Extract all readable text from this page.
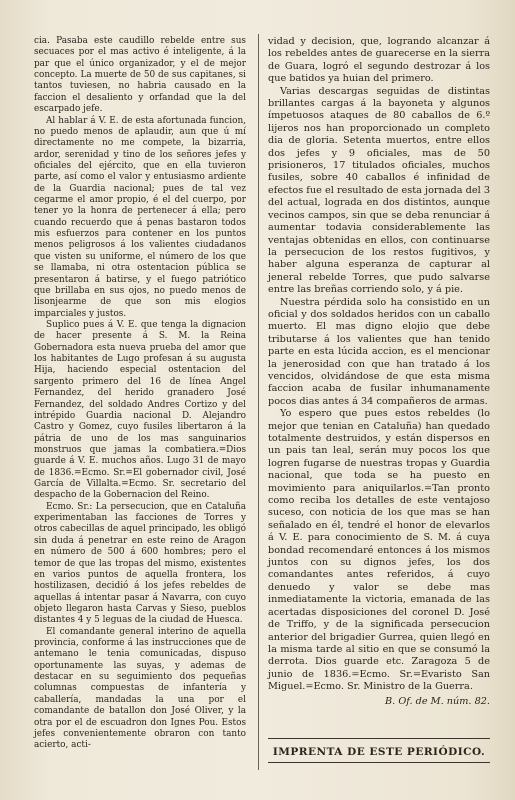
cia. Pasaba este caudillo rebelde entre sus secuaces por el mas activo é inteligente, á la par que el único organizador, y el de mejor concepto. La muerte de 50 de sus capitanes, si tantos tuviesen, no habria causado en la faccion el desaliento y orfandad que la del escarpado jefe.

Al hablar á V. E. de esta afortunada funcion, no puedo menos de aplaudir, aun que ú mí directamente no me compete, la bizarria, ardor, serenidad y tino de los señores jefes y oficiales del ejército, que en ella tuvieron parte, así como el valor y entusiasmo ardiente de la Guardia nacional; pues de tal vez cegarme el amor propio, é el del cuerpo, por tener yo la honra de pertenecer á ella; pero cuando recuerdo que á penas bastaron todos mis esfuerzos para contener en los puntos menos peligrosos á los valientes ciudadanos que visten su uniforme, el número de los que se llamaba, ni otra ostentacion pública se presentaron á batirse, y el fuego patriótico que brillaba en sus ojos, no puedo menos de lisonjearme de que son mis elogios imparciales y justos.

Suplico pues á V. E. que tenga la dignacion de hacer presente á S. M. la Reina Gobernadora esta nueva prueba del amor que los habitantes de Lugo profesan á su augusta Hija, haciendo especial ostentacion del sargento primero del 16 de línea Angel Fernandez, del herido granadero José Fernandez, del soldado Andres Cortizo y del intrépido Guardia nacional D. Alejandro Castro y Gomez, cuyo fusiles libertaron á la pátria de uno de los mas sanguinarios monstruos que jamas la combatiera.=Dios guarde á V. E. muchos años. Lugo 31 de mayo de 1836.=Ecmo. Sr.=El gobernador civil, José García de Villalta.=Ecmo. Sr. secretario del despacho de la Gobernacion del Reino.

Ecmo. Sr.: La persecucion, que en Cataluña experimentaban las facciones de Torres y otros cabecillas de aquel principado, les obligó sin duda á penetrar en este reino de Aragon en número de 500 á 600 hombres; pero el temor de que las tropas del mismo, existentes en varios puntos de aquella frontera, los hostilizasen, decidió á los jefes rebeldes de aquellas á intentar pasar á Navarra, con cuyo objeto llegaron hasta Carvas y Sieso, pueblos distantes 4 y 5 leguas de la ciudad de Huesca.

El comandante general interino de aquella provincia, conforme á las instrucciones que de antemano le tenia comunicadas, dispuso oportunamente las suyas, y ademas de destacar en su seguimiento dos pequeñas columnas compuestas de infantería y caballería, mandadas la una por el comandante de batallon don José Oliver, y la otra por el de escuadron don Ignes Pou. Estos jefes convenientemente obraron con tanto acierto, acti-

vidad y decision, que, logrando alcanzar á los rebeldes antes de guarecerse en la sierra de Guara, logró el segundo destrozar á los que batidos ya huian del primero.

Varias descargas seguidas de distintas brillantes cargas á la bayoneta y algunos ímpetuosos ataques de 80 caballos de 6.º lijeros nos han proporcionado un completo dia de gloria. Setenta muertos, entre ellos dos jefes y 9 oficiales, mas de 50 prisioneros, 17 titulados oficiales, muchos fusiles, sobre 40 caballos é infinidad de efectos fue el resultado de esta jornada del 3 del actual, lograda en dos distintos, aunque vecinos campos, sin que se deba renunciar á aumentar todavia considerablemente las ventajas obtenidas en ellos, con continuarse la persecucion de los restos fugitivos, y haber alguna esperanza de capturar al jeneral rebelde Torres, que pudo salvarse entre las breñas corriendo solo, y á pie.

Nuestra pérdida solo ha consistido en un oficial y dos soldados heridos con un caballo muerto. El mas digno elojio que debe tributarse á los valientes que han tenido parte en esta lúcida accion, es el mencionar la jenerosidad con que han tratado á los vencidos, olvidándose de que esta misma faccion acaba de fusilar inhumanamente pocos dias antes á 34 compañeros de armas.

Yo espero que pues estos rebeldes (lo mejor que tenian en Cataluña) han quedado totalmente destruidos, y están dispersos en un pais tan leal, serán muy pocos los que logren fugarse de nuestras tropas y Guardia nacional, que toda se ha puesto en movimiento para aniquilarlos.=Tan pronto como reciba los detalles de este ventajoso suceso, con noticia de los que mas se han señalado en él, tendré el honor de elevarlos á V. E. para conocimiento de S. M. á cuya bondad recomendaré entonces á los mismos juntos con su dignos jefes, los dos comandantes antes referidos, á cuyo denuedo y valor se debe mas inmediatamente la victoria, emanada de las acertadas disposiciones del coronel D. José de Triffo, y de la significada persecucion anterior del brigadier Gurrea, quien llegó en la misma tarde al sitio en que se consumó la derrota. Dios guarde etc. Zaragoza 5 de junio de 1836.=Ecmo. Sr.=Evaristo San Miguel.=Ecmo. Sr. Ministro de la Guerra.

B. Of. de M. núm. 82.
IMPRENTA DE ESTE PERIÓDICO.
